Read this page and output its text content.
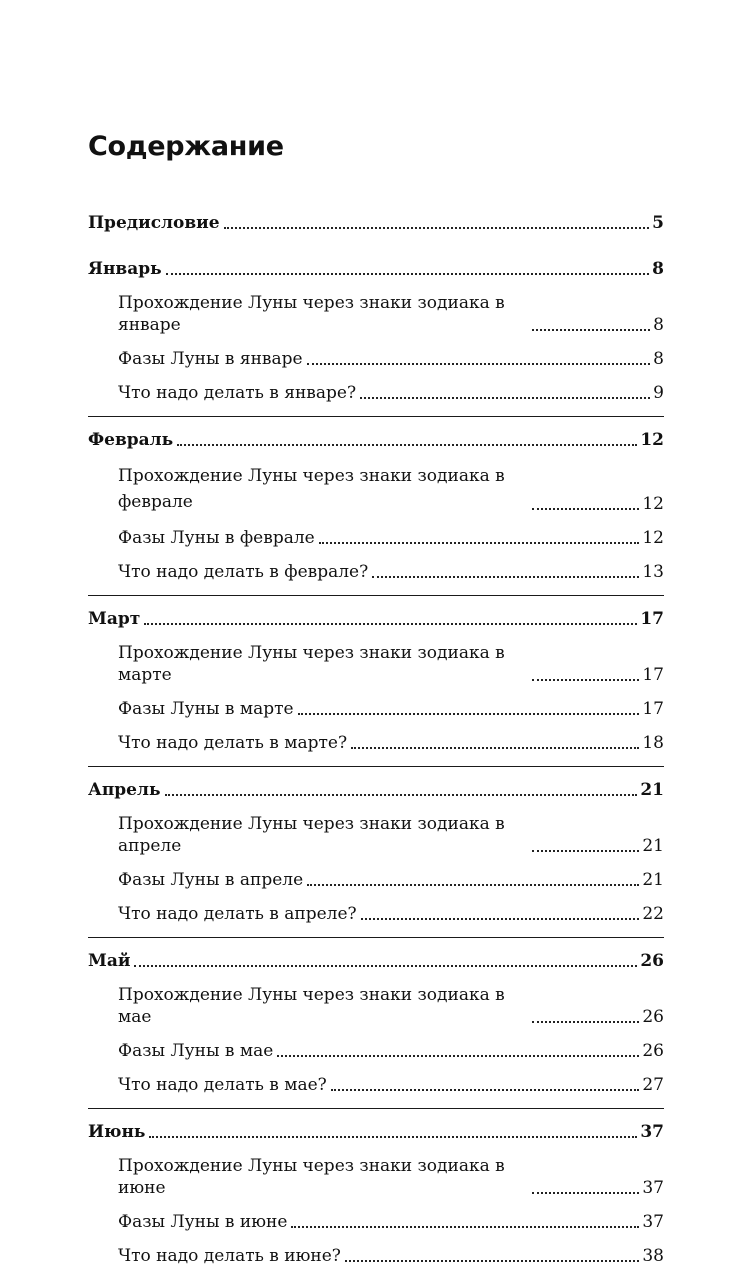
Содержание
Предисловие	5
Январь	8
Прохождение Луны через знаки зодиака в январе	8
Фазы Луны в январе	8
Что надо делать в январе?	9
Февраль	12
Прохождение Луны через знаки зодиака в феврале	12
Фазы Луны в феврале	12
Что надо делать в феврале?	13
Март	17
Прохождение Луны через знаки зодиака в марте	17
Фазы Луны в марте	17
Что надо делать в марте?	18
Апрель	21
Прохождение Луны через знаки зодиака в апреле	21
Фазы Луны в апреле	21
Что надо делать в апреле?	22
Май	26
Прохождение Луны через знаки зодиака в мае	26
Фазы Луны в мае	26
Что надо делать в мае?	27
Июнь	37
Прохождение Луны через знаки зодиака в июне	37
Фазы Луны в июне	37
Что надо делать в июне?	38
